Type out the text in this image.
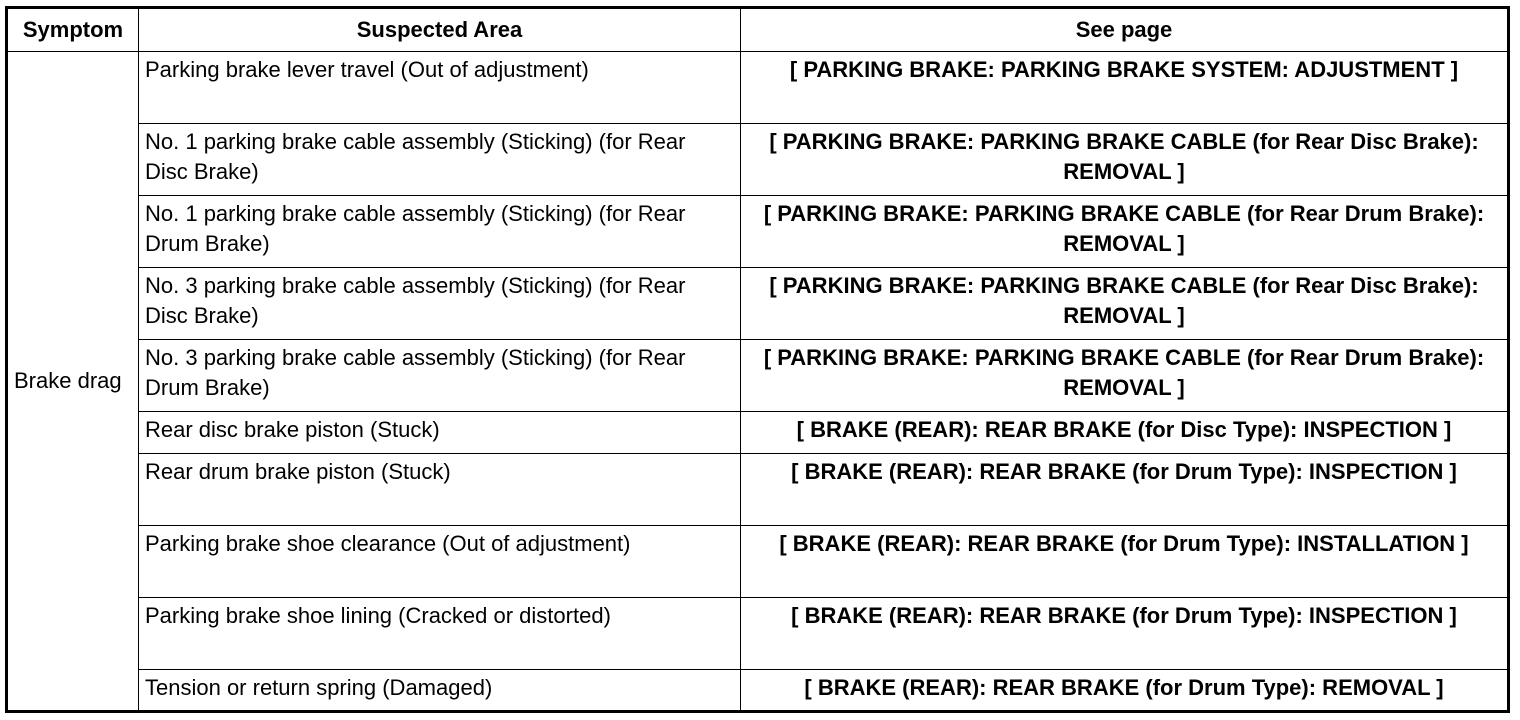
Symptom	Suspected Area	See page
Brake drag	Parking brake lever travel (Out of adjustment)	[ PARKING BRAKE: PARKING BRAKE SYSTEM: ADJUSTMENT ]
	No. 1 parking brake cable assembly (Sticking) (for Rear Disc Brake)	[ PARKING BRAKE: PARKING BRAKE CABLE (for Rear Disc Brake): REMOVAL ]
	No. 1 parking brake cable assembly (Sticking) (for Rear Drum Brake)	[ PARKING BRAKE: PARKING BRAKE CABLE (for Rear Drum Brake): REMOVAL ]
	No. 3 parking brake cable assembly (Sticking) (for Rear Disc Brake)	[ PARKING BRAKE: PARKING BRAKE CABLE (for Rear Disc Brake): REMOVAL ]
	No. 3 parking brake cable assembly (Sticking) (for Rear Drum Brake)	[ PARKING BRAKE: PARKING BRAKE CABLE (for Rear Drum Brake): REMOVAL ]
	Rear disc brake piston (Stuck)	[ BRAKE (REAR): REAR BRAKE (for Disc Type): INSPECTION ]
	Rear drum brake piston (Stuck)	[ BRAKE (REAR): REAR BRAKE (for Drum Type): INSPECTION ]
	Parking brake shoe clearance (Out of adjustment)	[ BRAKE (REAR): REAR BRAKE (for Drum Type): INSTALLATION ]
	Parking brake shoe lining (Cracked or distorted)	[ BRAKE (REAR): REAR BRAKE (for Drum Type): INSPECTION ]
	Tension or return spring (Damaged)	[ BRAKE (REAR): REAR BRAKE (for Drum Type): REMOVAL ]
